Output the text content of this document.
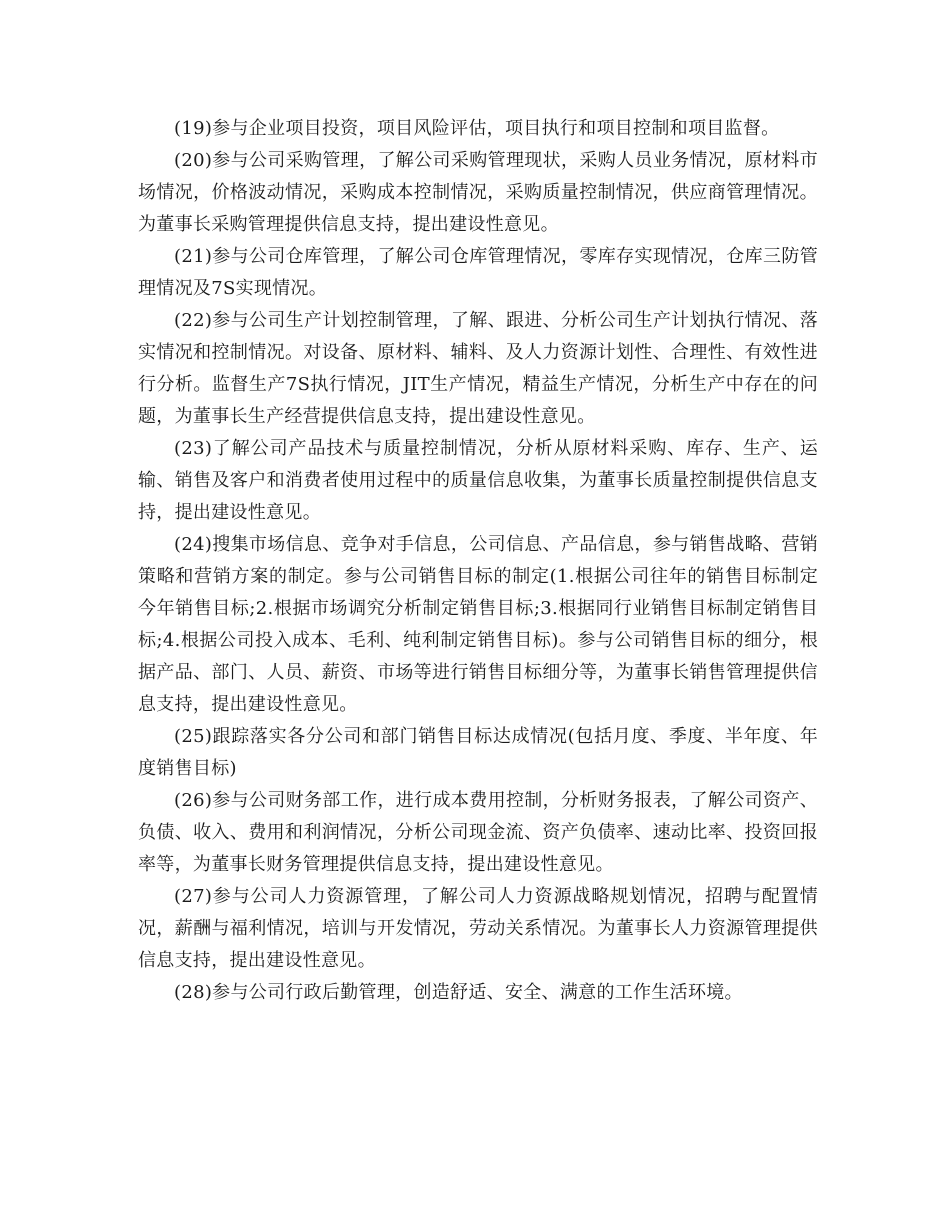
(19)参与企业项目投资，项目风险评估，项目执行和项目控制和项目监督。

(20)参与公司采购管理，了解公司采购管理现状，采购人员业务情况，原材料市场情况，价格波动情况，采购成本控制情况，采购质量控制情况，供应商管理情况。为董事长采购管理提供信息支持，提出建设性意见。

(21)参与公司仓库管理，了解公司仓库管理情况，零库存实现情况，仓库三防管理情况及7S实现情况。

(22)参与公司生产计划控制管理，了解、跟进、分析公司生产计划执行情况、落实情况和控制情况。对设备、原材料、辅料、及人力资源计划性、合理性、有效性进行分析。监督生产7S执行情况，JIT生产情况，精益生产情况，分析生产中存在的问题，为董事长生产经营提供信息支持，提出建设性意见。

(23)了解公司产品技术与质量控制情况，分析从原材料采购、库存、生产、运输、销售及客户和消费者使用过程中的质量信息收集，为董事长质量控制提供信息支持，提出建设性意见。

(24)搜集市场信息、竞争对手信息，公司信息、产品信息，参与销售战略、营销策略和营销方案的制定。参与公司销售目标的制定(1.根据公司往年的销售目标制定今年销售目标;2.根据市场调究分析制定销售目标;3.根据同行业销售目标制定销售目标;4.根据公司投入成本、毛利、纯利制定销售目标)。参与公司销售目标的细分，根据产品、部门、人员、薪资、市场等进行销售目标细分等，为董事长销售管理提供信息支持，提出建设性意见。

(25)跟踪落实各分公司和部门销售目标达成情况(包括月度、季度、半年度、年度销售目标)

(26)参与公司财务部工作，进行成本费用控制，分析财务报表，了解公司资产、负债、收入、费用和利润情况，分析公司现金流、资产负债率、速动比率、投资回报率等，为董事长财务管理提供信息支持，提出建设性意见。

(27)参与公司人力资源管理，了解公司人力资源战略规划情况，招聘与配置情况，薪酬与福利情况，培训与开发情况，劳动关系情况。为董事长人力资源管理提供信息支持，提出建设性意见。

(28)参与公司行政后勤管理，创造舒适、安全、满意的工作生活环境。
